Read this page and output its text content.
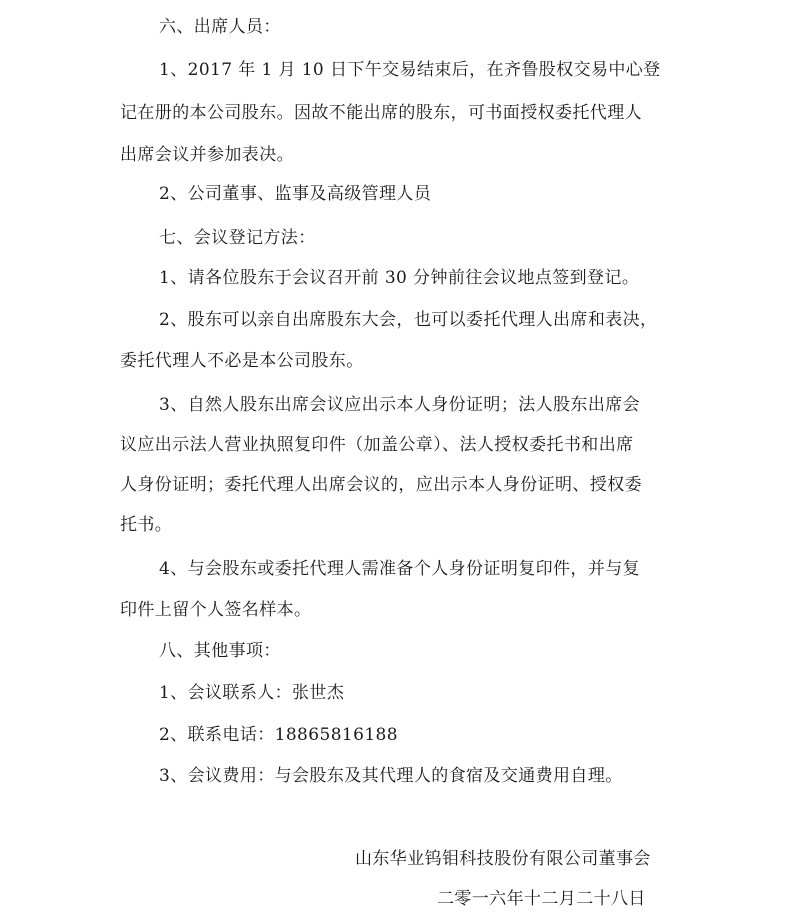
六、出席人员：
1、2017 年 1 月 10 日下午交易结束后，在齐鲁股权交易中心登
记在册的本公司股东。因故不能出席的股东，可书面授权委托代理人
出席会议并参加表决。
2、公司董事、监事及高级管理人员
七、会议登记方法：
1、请各位股东于会议召开前 30 分钟前往会议地点签到登记。
2、股东可以亲自出席股东大会，也可以委托代理人出席和表决，
委托代理人不必是本公司股东。
3、自然人股东出席会议应出示本人身份证明；法人股东出席会
议应出示法人营业执照复印件（加盖公章）、法人授权委托书和出席
人身份证明；委托代理人出席会议的，应出示本人身份证明、授权委
托书。
4、与会股东或委托代理人需准备个人身份证明复印件，并与复
印件上留个人签名样本。
八、其他事项：
1、会议联系人：张世杰
2、联系电话：18865816188
3、会议费用：与会股东及其代理人的食宿及交通费用自理。
山东华业钨钼科技股份有限公司董事会
二零一六年十二月二十八日
